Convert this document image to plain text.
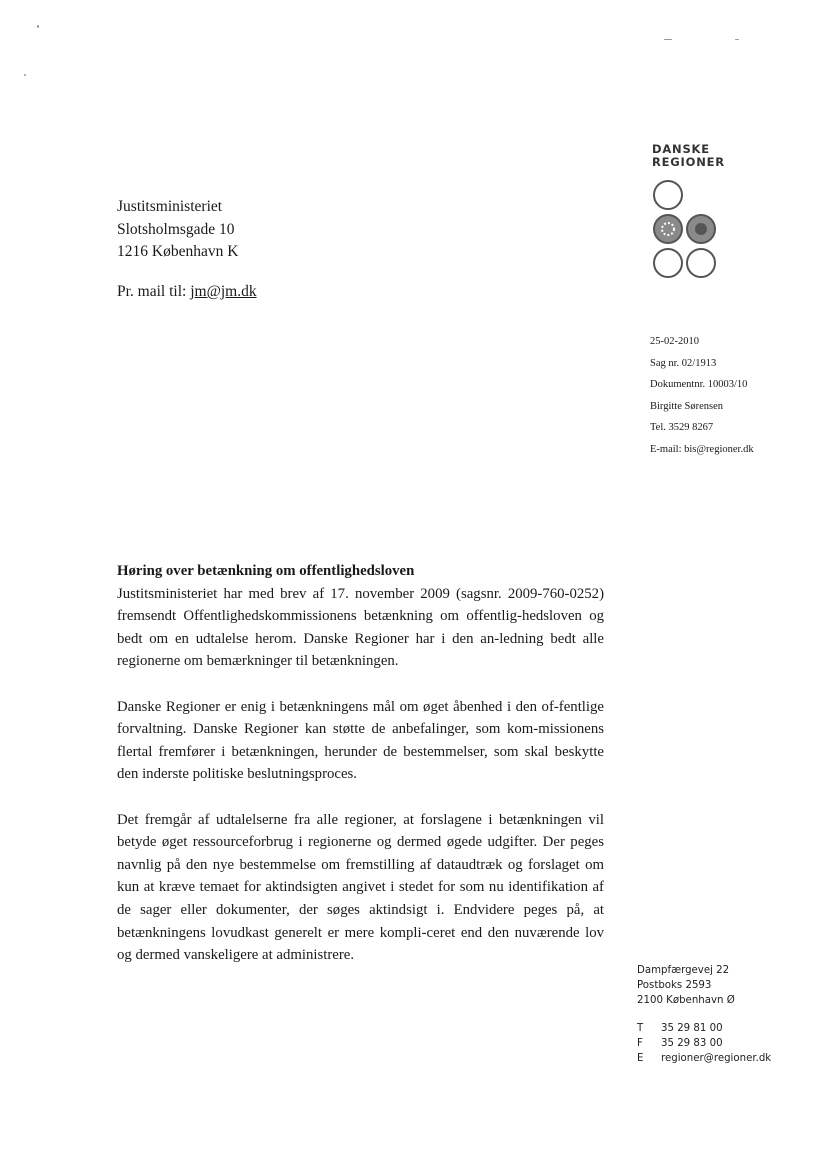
Justitsministeriet
Slotsholmsgade 10
1216 København K
Pr. mail til: jm@jm.dk
DANSKE
REGIONER
25-02-2010
Sag nr. 02/1913
Dokumentnr. 10003/10
Birgitte Sørensen
Tel. 3529 8267
E-mail: bis@regioner.dk

Høring over betænkning om offentlighedsloven

Justitsministeriet har med brev af 17. november 2009 (sagsnr. 2009-760-0252) fremsendt Offentlighedskommissionens betænkning om offentlig-hedsloven og bedt om en udtalelse herom. Danske Regioner har i den an-ledning bedt alle regionerne om bemærkninger til betænkningen.

Danske Regioner er enig i betænkningens mål om øget åbenhed i den of-fentlige forvaltning. Danske Regioner kan støtte de anbefalinger, som kom-missionens flertal fremfører i betænkningen, herunder de bestemmelser, som skal beskytte den inderste politiske beslutningsproces.

Det fremgår af udtalelserne fra alle regioner, at forslagene i betænkningen vil betyde øget ressourceforbrug i regionerne og dermed øgede udgifter. Der peges navnlig på den nye bestemmelse om fremstilling af dataudtræk og forslaget om kun at kræve temaet for aktindsigten angivet i stedet for som nu identifikation af de sager eller dokumenter, der søges aktindsigt i. Endvidere peges på, at betænkningens lovudkast generelt er mere kompli-ceret end den nuværende lov og dermed vanskeligere at administrere.

Dampfærgevej 22
Postboks 2593
2100 København Ø
T	35 29 81 00
F	35 29 83 00
E	regioner@regioner.dk
